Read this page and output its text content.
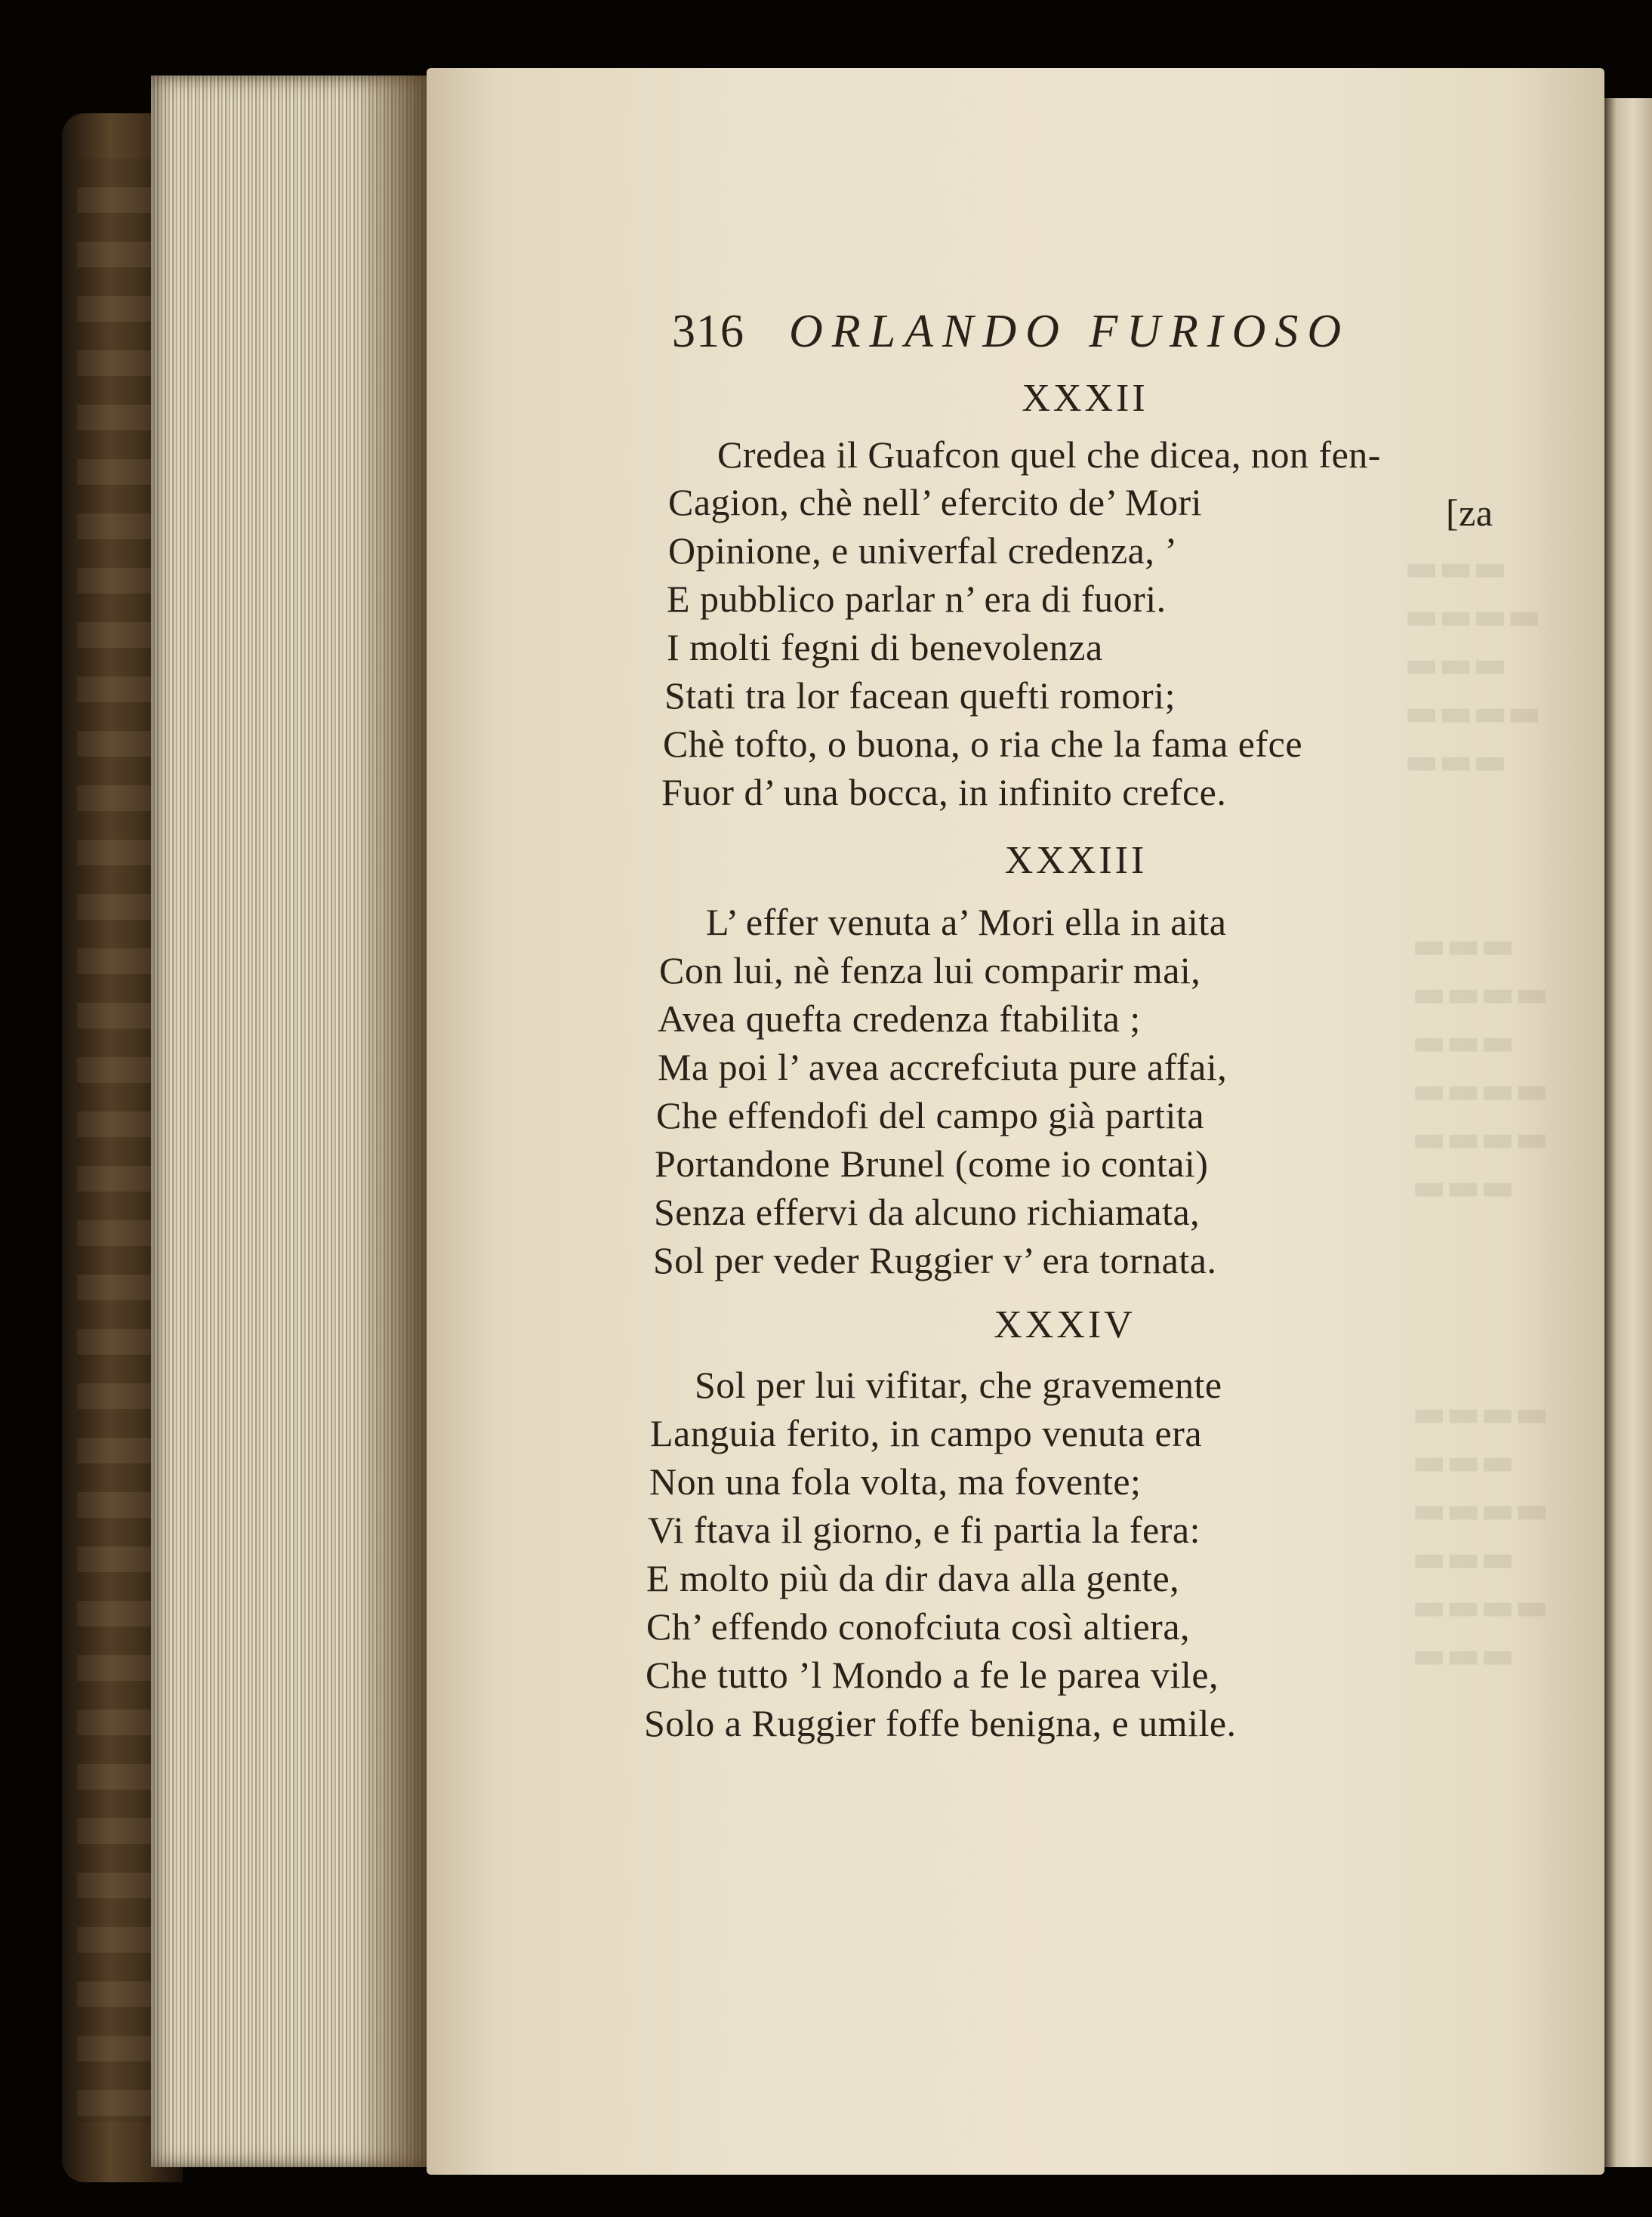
▬▬▬
▬▬▬▬
▬▬▬
▬▬▬▬
▬▬▬
▬▬▬
▬▬▬▬
▬▬▬
▬▬▬▬
▬▬▬▬
▬▬▬
▬▬▬▬
▬▬▬
▬▬▬▬
▬▬▬
▬▬▬▬
▬▬▬
316 ORLANDO FURIOSO
XXXII
Credea il Guafcon quel che dicea, non fen-
Cagion, chè nell’ efercito de’ Mori	[za
Opinione, e univerfal credenza, ’
E pubblico parlar n’ era di fuori.
I molti fegni di benevolenza
Stati tra lor facean quefti romori;
Chè tofto, o buona, o ria che la fama efce
Fuor d’ una bocca, in infinito crefce.
XXXIII
L’ effer venuta a’ Mori ella in aita
Con lui, nè fenza lui comparir mai,
Avea quefta credenza ftabilita ;
Ma poi l’ avea accrefciuta pure affai,
Che effendofi del campo già partita
Portandone Brunel (come io contai)
Senza effervi da alcuno richiamata,
Sol per veder Ruggier v’ era tornata.
XXXIV
Sol per lui vifitar, che gravemente
Languia ferito, in campo venuta era
Non una fola volta, ma fovente;
Vi ftava il giorno, e fi partia la fera:
E molto più da dir dava alla gente,
Ch’ effendo conofciuta così altiera,
Che tutto ’l Mondo a fe le parea vile,
Solo a Ruggier foffe benigna, e umile.
